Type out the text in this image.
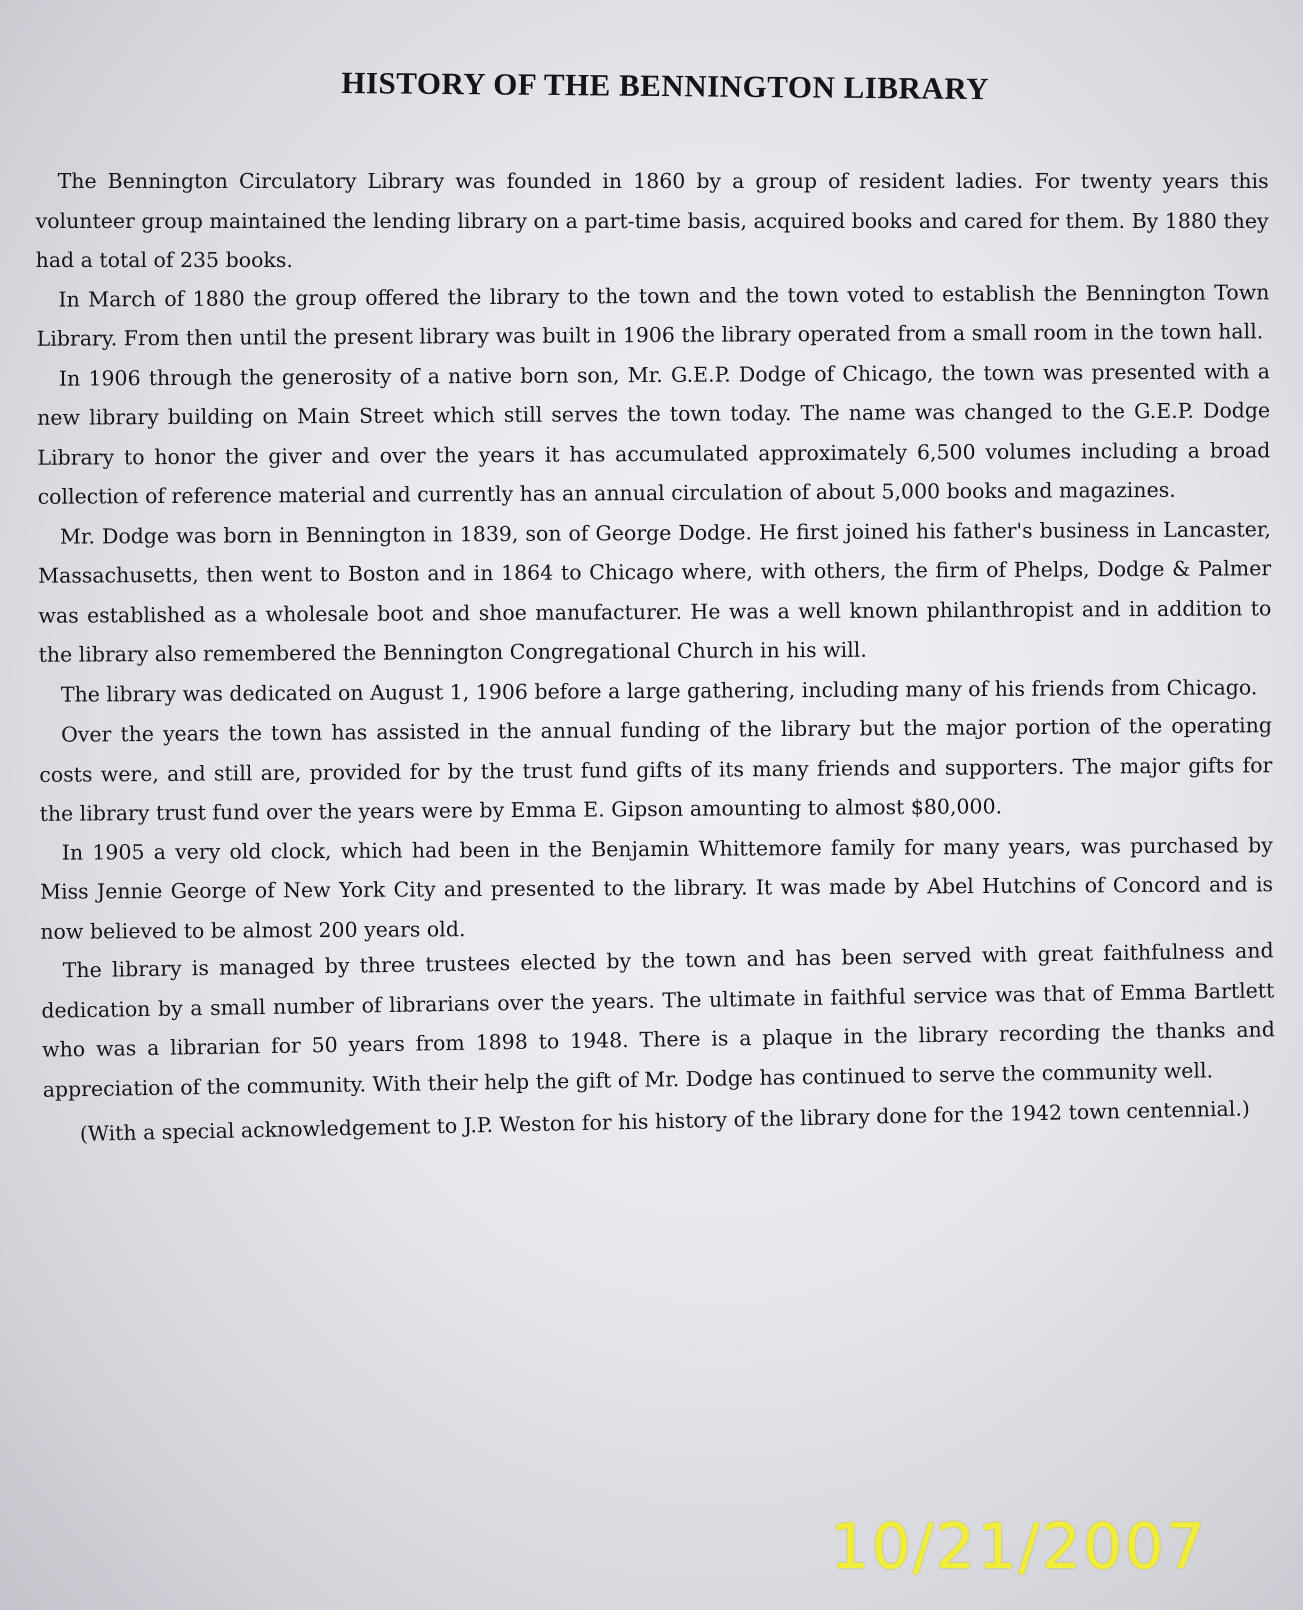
HISTORY OF THE BENNINGTON LIBRARY

The Bennington Circulatory Library was founded in 1860 by a group of resident ladies. For twenty years this volunteer group maintained the lending library on a part-time basis, acquired books and cared for them. By 1880 they had a total of 235 books.

In March of 1880 the group offered the library to the town and the town voted to establish the Bennington Town Library. From then until the present library was built in 1906 the library operated from a small room in the town hall.

In 1906 through the generosity of a native born son, Mr. G.E.P. Dodge of Chicago, the town was presented with a new library building on Main Street which still serves the town today. The name was changed to the G.E.P. Dodge Library to honor the giver and over the years it has accumulated approximately 6,500 volumes including a broad collection of reference material and currently has an annual circulation of about 5,000 books and magazines.

Mr. Dodge was born in Bennington in 1839, son of George Dodge. He first joined his father's business in Lancaster, Massachusetts, then went to Boston and in 1864 to Chicago where, with others, the firm of Phelps, Dodge & Palmer was established as a wholesale boot and shoe manufacturer. He was a well known philanthropist and in addition to the library also remembered the Bennington Congregational Church in his will.

The library was dedicated on August 1, 1906 before a large gathering, including many of his friends from Chicago.

Over the years the town has assisted in the annual funding of the library but the major portion of the operating costs were, and still are, provided for by the trust fund gifts of its many friends and supporters. The major gifts for the library trust fund over the years were by Emma E. Gipson amounting to almost $80,000.

In 1905 a very old clock, which had been in the Benjamin Whittemore family for many years, was purchased by Miss Jennie George of New York City and presented to the library. It was made by Abel Hutchins of Concord and is now believed to be almost 200 years old.

The library is managed by three trustees elected by the town and has been served with great faithfulness and dedication by a small number of librarians over the years. The ultimate in faithful service was that of Emma Bartlett who was a librarian for 50 years from 1898 to 1948. There is a plaque in the library recording the thanks and appreciation of the community. With their help the gift of Mr. Dodge has continued to serve the community well.

(With a special acknowledgement to J.P. Weston for his history of the library done for the 1942 town centennial.)

10/21/2007
